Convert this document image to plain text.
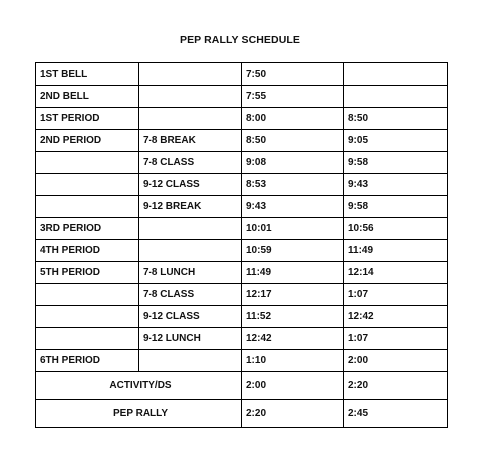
PEP RALLY SCHEDULE
1ST BELL		7:50	
2ND BELL		7:55	
1ST PERIOD		8:00	8:50
2ND PERIOD	7-8 BREAK	8:50	9:05
	7-8 CLASS	9:08	9:58
	9-12 CLASS	8:53	9:43
	9-12 BREAK	9:43	9:58
3RD PERIOD		10:01	10:56
4TH PERIOD		10:59	11:49
5TH PERIOD	7-8 LUNCH	11:49	12:14
	7-8 CLASS	12:17	1:07
	9-12 CLASS	11:52	12:42
	9-12 LUNCH	12:42	1:07
6TH PERIOD		1:10	2:00
ACTIVITY/DS		2:00	2:20
PEP RALLY		2:20	2:45
